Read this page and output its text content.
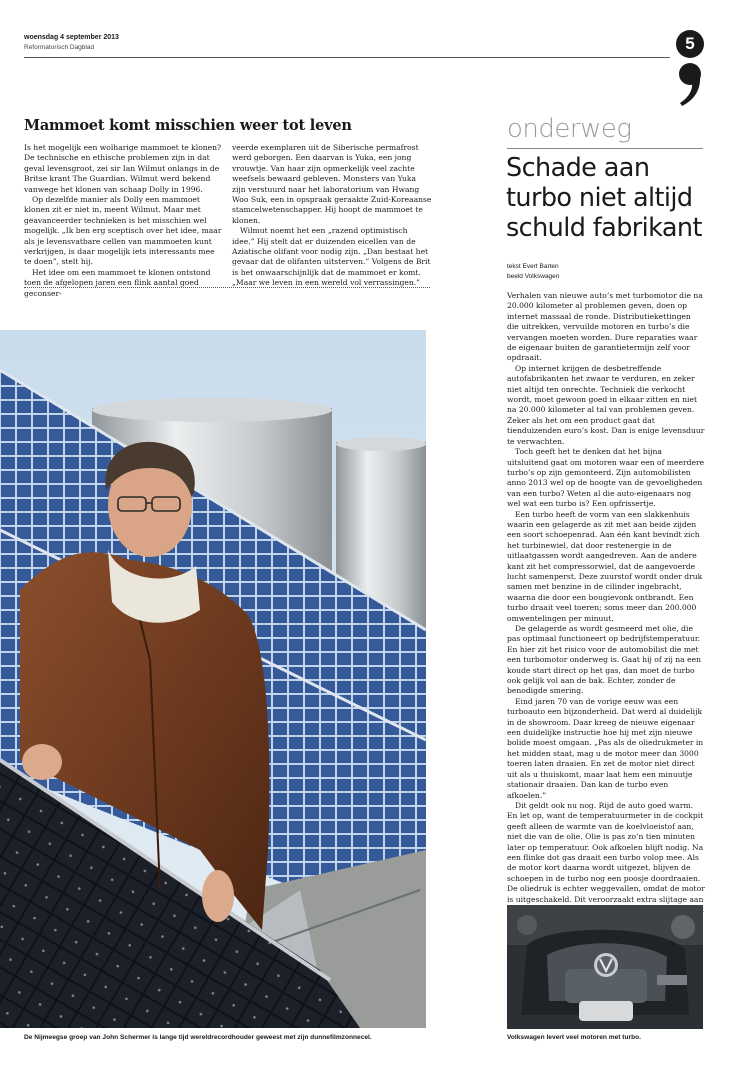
woensdag 4 september 2013
Reformatorisch Dagblad	5
Mammoet komt misschien weer tot leven

Is het mogelijk een wolharige mammoet te klonen? De technische en ethische problemen zijn in dat geval levensgroot, zei sir Ian Wilmut onlangs in de Britse krant The Guardian. Wilmut werd bekend vanwege het klonen van schaap Dolly in 1996.

Op dezelfde manier als Dolly een mammoet klonen zit er niet in, meent Wilmut. Maar met geavanceerder technieken is het misschien wel mogelijk. „Ik ben erg sceptisch over het idee, maar als je levensvatbare cellen van mammoeten kunt verkrijgen, is daar mogelijk iets interessants mee te doen”, stelt hij.

Het idee om een mammoet te klonen ontstond toen de afgelopen jaren een flink aantal goed geconser-

veerde exemplaren uit de Siberische permafrost werd geborgen. Een daarvan is Yuka, een jong vrouwtje. Van haar zijn opmerkelijk veel zachte weefsels bewaard gebleven. Monsters van Yuka zijn verstuurd naar het laboratorium van Hwang Woo Suk, een in opspraak geraakte Zuid-Koreaanse stamcelwetenschapper. Hij hoopt de mammoet te klonen.

Wilmut noemt het een „razend optimistisch idee.” Hij stelt dat er duizenden eicellen van de Aziatische olifant voor nodig zijn. „Dan bestaat het gevaar dat de olifanten uitsterven.” Volgens de Brit is het onwaarschijnlijk dat de mammoet er komt. „Maar we leven in een wereld vol verrassingen.”

onderweg
Schade aan turbo niet altijd schuld fabrikant
tekst Evert Barten
beeld Volkswagen

Verhalen van nieuwe auto’s met turbomotor die na 20.000 kilometer al problemen geven, doen op internet massaal de ronde. Distributiekettingen die uitrekken, vervuilde motoren en turbo’s die vervangen moeten worden. Dure reparaties waar de eigenaar buiten de garantietermijn zelf voor opdraait.

Op internet krijgen de desbetreffende autofabrikanten het zwaar te verduren, en zeker niet altijd ten onrechte. Techniek die verkocht wordt, moet gewoon goed in elkaar zitten en niet na 20.000 kilometer al tal van problemen geven. Zeker als het om een product gaat dat tienduizenden euro’s kost. Dan is enige levensduur te verwachten.

Toch geeft het te denken dat het bijna uitsluitend gaat om motoren waar een of meerdere turbo’s op zijn gemonteerd. Zijn automobilisten anno 2013 wel op de hoogte van de gevoeligheden van een turbo? Weten al die auto-eigenaars nog wel wat een turbo is? Een opfrissertje.

Een turbo heeft de vorm van een slakkenhuis waarin een gelagerde as zit met aan beide zijden een soort schoepenrad. Aan één kant bevindt zich het turbinewiel, dat door restenergie in de uitlaatgassen wordt aangedreven. Aan de andere kant zit het compressorwiel, dat de aangevoerde lucht samenperst. Deze zuurstof wordt onder druk samen met benzine in de cilinder ingebracht, waarna die door een bougievonk ontbrandt. Een turbo draait veel toeren; soms meer dan 200.000 omwentelingen per minuut.

De gelagerde as wordt gesmeerd met olie, die pas optimaal functioneert op bedrijfstemperatuur. En hier zit het risico voor de automobilist die met een turbomotor onderweg is. Gaat hij of zij na een koude start direct op het gas, dan moet de turbo ook gelijk vol aan de bak. Echter, zonder de benodigde smering.

Eind jaren 70 van de vorige eeuw was een turboauto een bijzonderheid. Dat werd al duidelijk in de showroom. Daar kreeg de nieuwe eigenaar een duidelijke instructie hoe hij met zijn nieuwe bolide moest omgaan. „Pas als de oliedrukmeter in het midden staat, mag u de motor meer dan 3000 toeren laten draaien. En zet de motor niet direct uit als u thuiskomt, maar laat hem een minuutje stationair draaien. Dan kan de turbo even afkoelen.”

Dit geldt ook nu nog. Rijd de auto goed warm. En let op, want de temperatuurmeter in de cockpit geeft alleen de warmte van de koelvloeistof aan, niet die van de olie. Olie is pas zo’n tien minuten later op temperatuur. Ook afkoelen blijft nodig. Na een flinke dot gas draait een turbo volop mee. Als de motor kort daarna wordt uitgezet, blijven de schoepen in de turbo nog een poosje doordraaien. De oliedruk is echter weggevallen, omdat de motor is uitgeschakeld. Dit veroorzaakt extra slijtage aan

De Nijmeegse groep van John Schermer is lange tijd wereldrecordhouder geweest met zijn dunnefilmzonnecel.	Volkswagen levert veel motoren met turbo.
